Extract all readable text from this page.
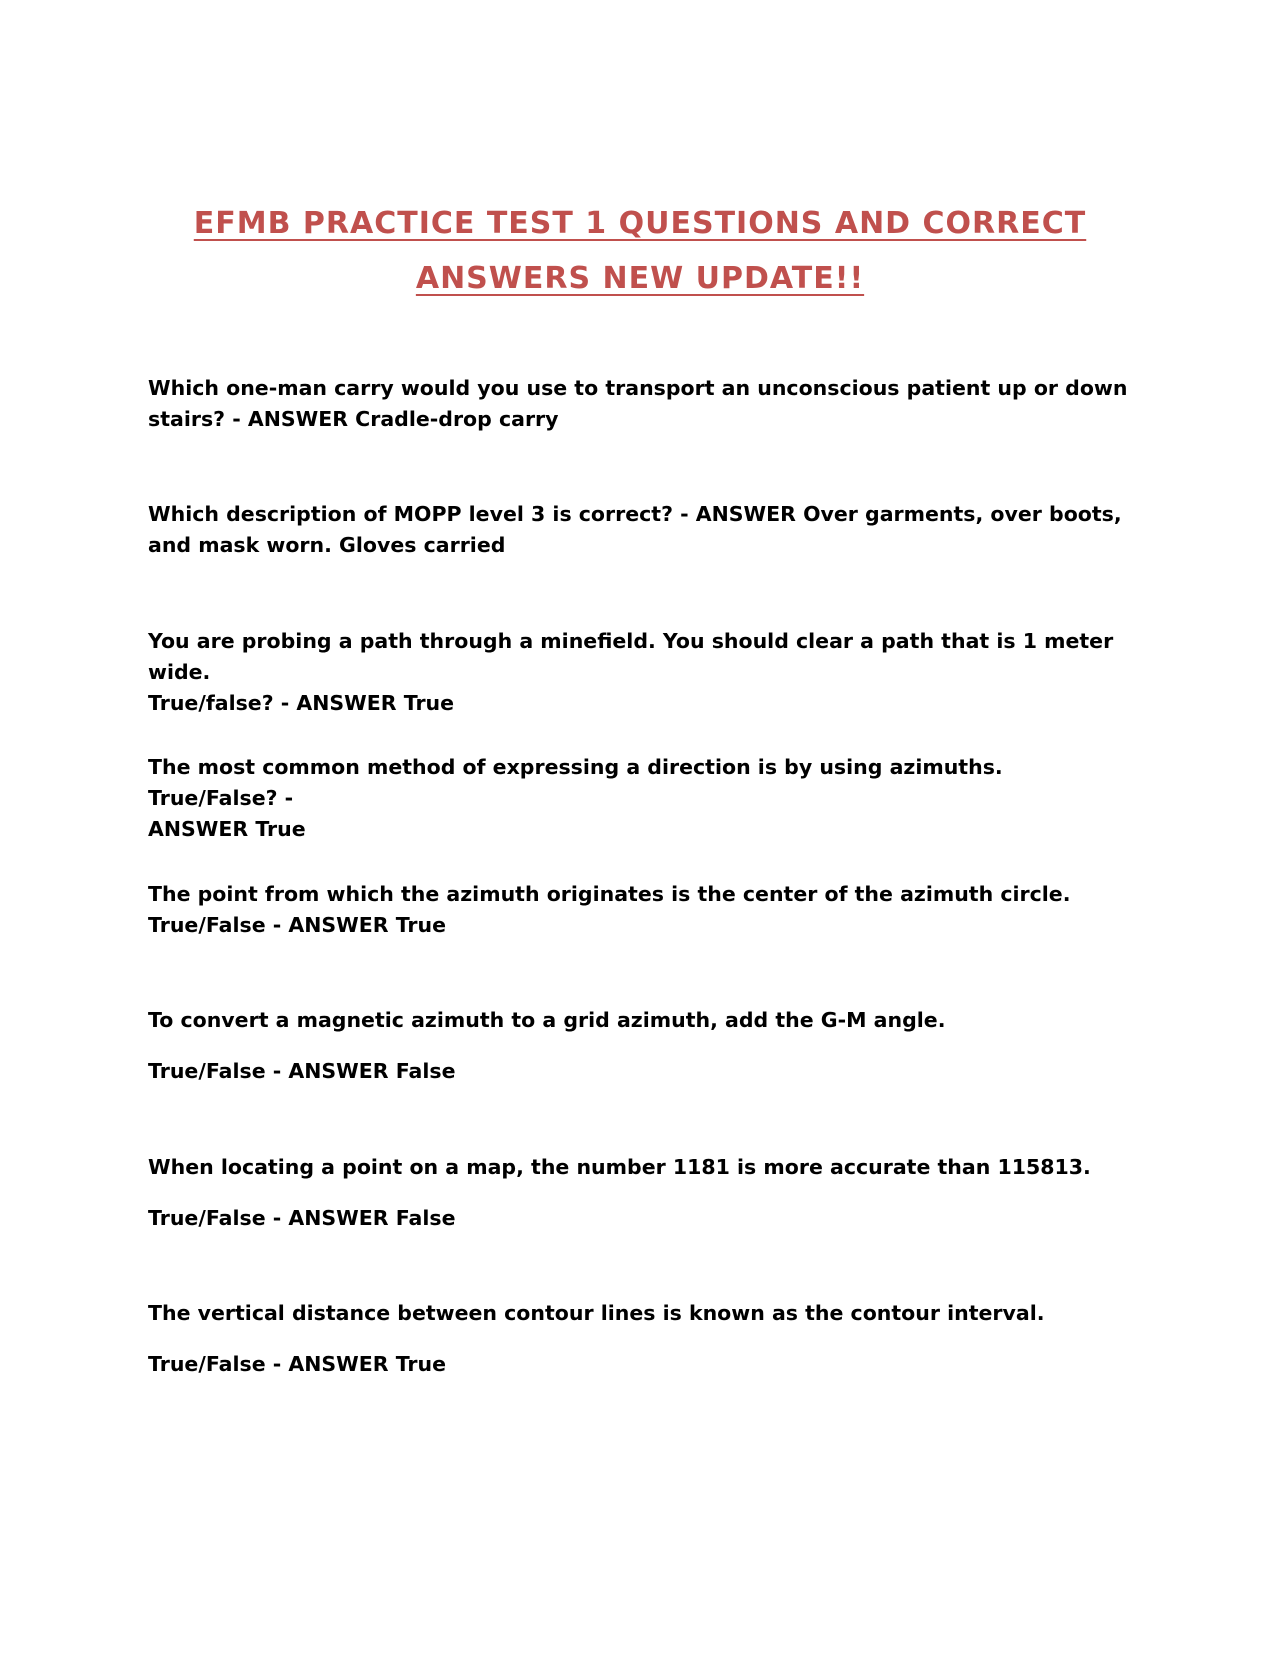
EFMB PRACTICE TEST 1 QUESTIONS AND CORRECT
ANSWERS NEW UPDATE!!

Which one-man carry would you use to transport an unconscious patient up or down

stairs? - ANSWER Cradle-drop carry

Which description of MOPP level 3 is correct? - ANSWER Over garments, over boots,

and mask worn. Gloves carried

You are probing a path through a minefield. You should clear a path that is 1 meter wide.

True/false? - ANSWER True

The most common method of expressing a direction is by using azimuths. True/False? -

ANSWER True

The point from which the azimuth originates is the center of the azimuth circle.

True/False - ANSWER True

To convert a magnetic azimuth to a grid azimuth, add the G-M angle.

True/False - ANSWER False

When locating a point on a map, the number 1181 is more accurate than 115813.

True/False - ANSWER False

The vertical distance between contour lines is known as the contour interval.

True/False - ANSWER True
